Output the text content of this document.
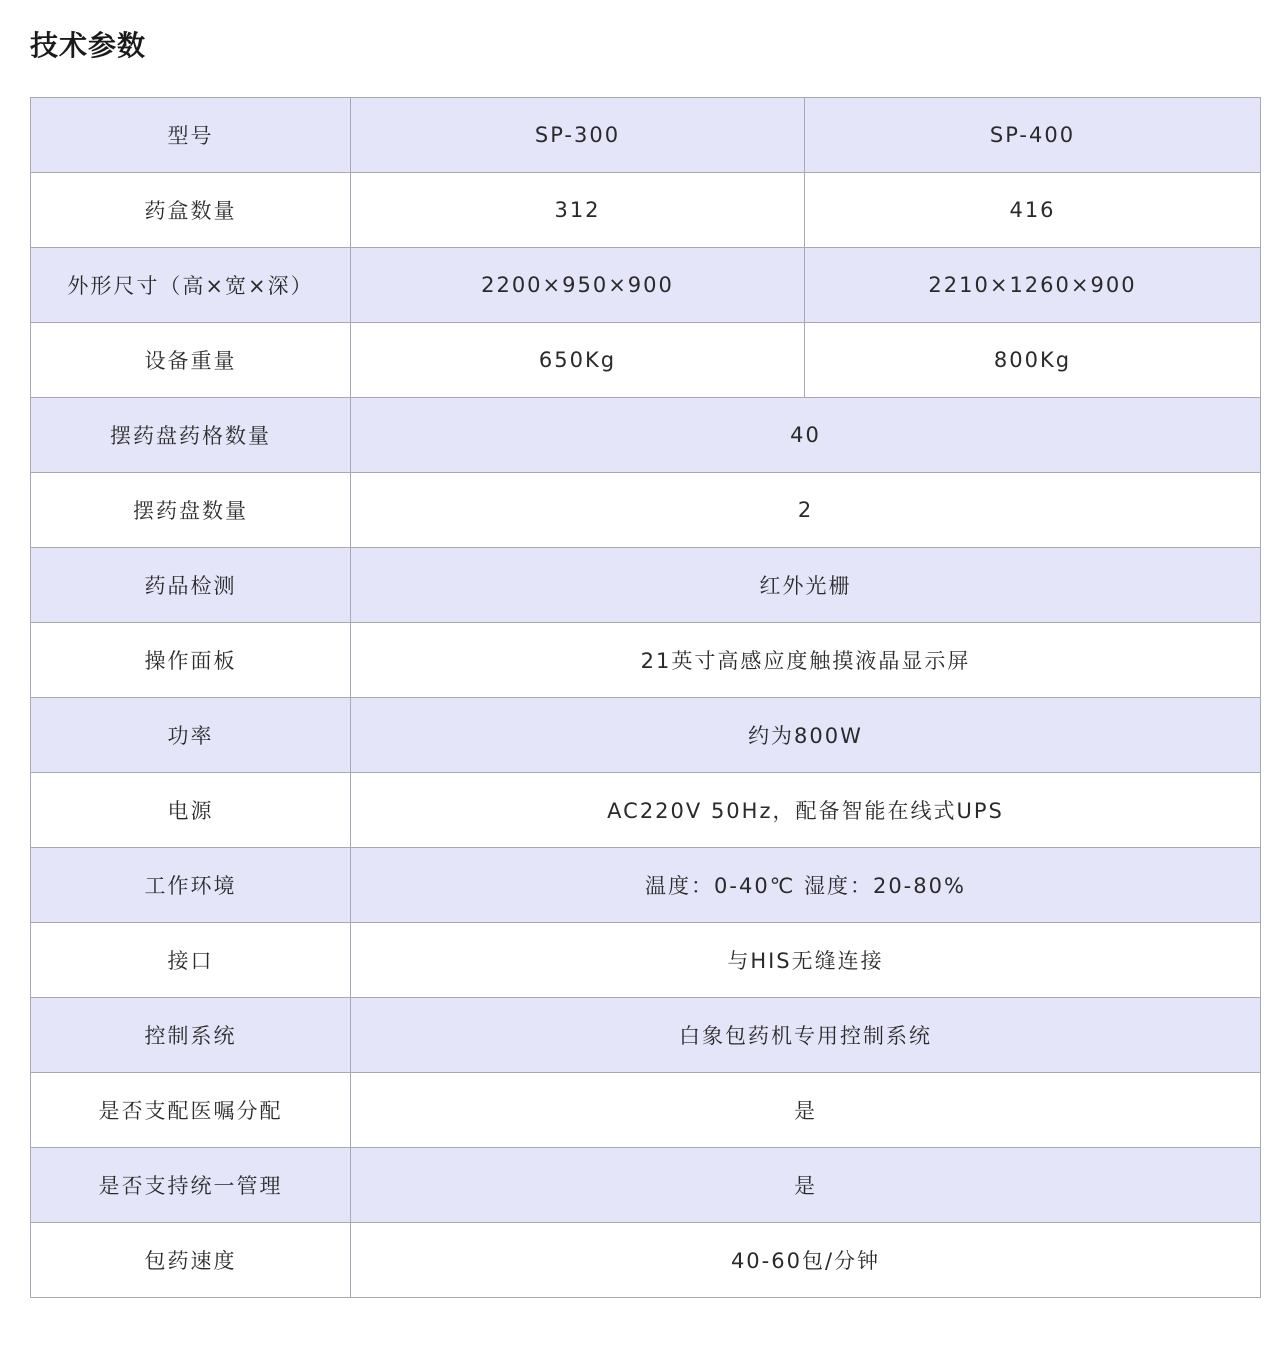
技术参数
型号	SP-300	SP-400
药盒数量	312	416
外形尺寸（高×宽×深）	2200×950×900	2210×1260×900
设备重量	650Kg	800Kg
摆药盘药格数量	40	
摆药盘数量	2	
药品检测	红外光栅	
操作面板	21英寸高感应度触摸液晶显示屏	
功率	约为800W	
电源	AC220V 50Hz，配备智能在线式UPS	
工作环境	温度：0-40℃ 湿度：20-80%	
接口	与HIS无缝连接	
控制系统	白象包药机专用控制系统	
是否支配医嘱分配	是	
是否支持统一管理	是	
包药速度	40-60包/分钟	
